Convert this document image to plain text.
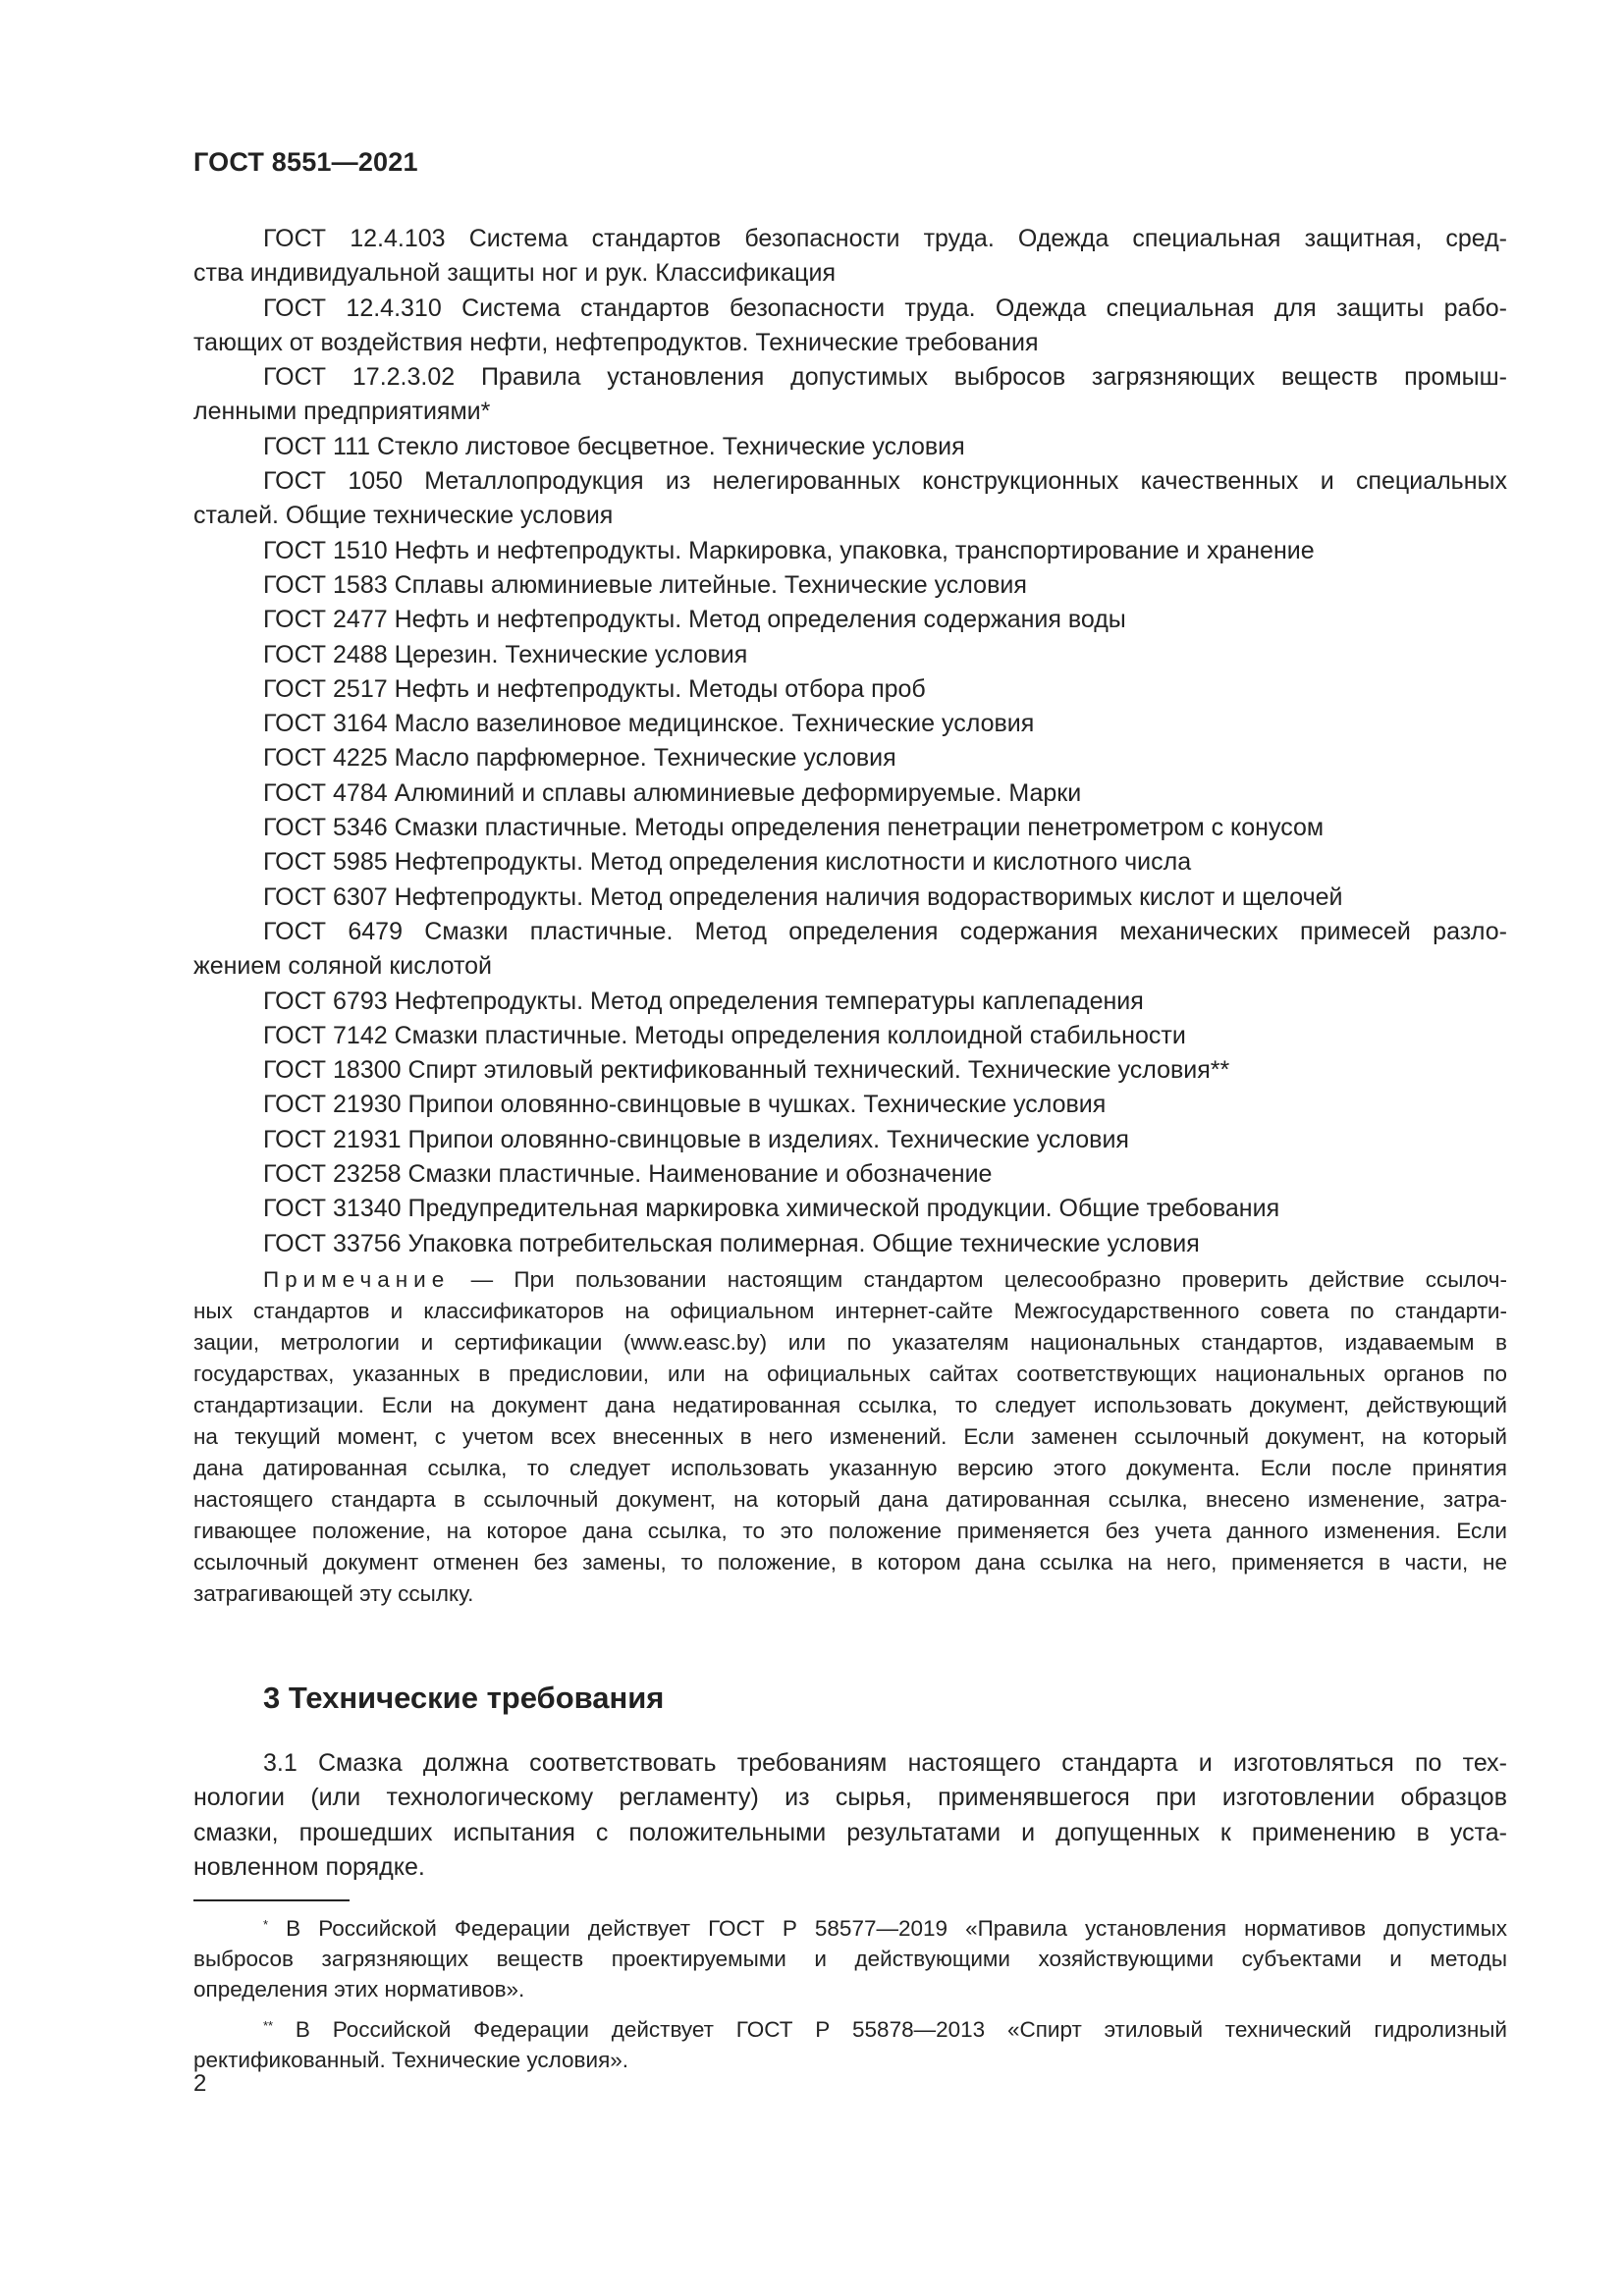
ГОСТ 8551—2021
ГОСТ 12.4.103 Система стандартов безопасности труда. Одежда специальная защитная, сред-
ства индивидуальной защиты ног и рук. Классификация
ГОСТ 12.4.310 Система стандартов безопасности труда. Одежда специальная для защиты рабо-
тающих от воздействия нефти, нефтепродуктов. Технические требования
ГОСТ 17.2.3.02 Правила установления допустимых выбросов загрязняющих веществ промыш-
ленными предприятиями*
ГОСТ 111 Стекло листовое бесцветное. Технические условия
ГОСТ 1050 Металлопродукция из нелегированных конструкционных качественных и специальных
сталей. Общие технические условия
ГОСТ 1510 Нефть и нефтепродукты. Маркировка, упаковка, транспортирование и хранение
ГОСТ 1583 Сплавы алюминиевые литейные. Технические условия
ГОСТ 2477 Нефть и нефтепродукты. Метод определения содержания воды
ГОСТ 2488 Церезин. Технические условия
ГОСТ 2517 Нефть и нефтепродукты. Методы отбора проб
ГОСТ 3164 Масло вазелиновое медицинское. Технические условия
ГОСТ 4225 Масло парфюмерное. Технические условия
ГОСТ 4784 Алюминий и сплавы алюминиевые деформируемые. Марки
ГОСТ 5346 Смазки пластичные. Методы определения пенетрации пенетрометром с конусом
ГОСТ 5985 Нефтепродукты. Метод определения кислотности и кислотного числа
ГОСТ 6307 Нефтепродукты. Метод определения наличия водорастворимых кислот и щелочей
ГОСТ 6479 Смазки пластичные. Метод определения содержания механических примесей разло-
жением соляной кислотой
ГОСТ 6793 Нефтепродукты. Метод определения температуры каплепадения
ГОСТ 7142 Смазки пластичные. Методы определения коллоидной стабильности
ГОСТ 18300 Спирт этиловый ректификованный технический. Технические условия**
ГОСТ 21930 Припои оловянно-свинцовые в чушках. Технические условия
ГОСТ 21931 Припои оловянно-свинцовые в изделиях. Технические условия
ГОСТ 23258 Смазки пластичные. Наименование и обозначение
ГОСТ 31340 Предупредительная маркировка химической продукции. Общие требования
ГОСТ 33756 Упаковка потребительская полимерная. Общие технические условия
Примечание — При пользовании настоящим стандартом целесообразно проверить действие ссылоч-
ных стандартов и классификаторов на официальном интернет-сайте Межгосударственного совета по стандарти-
зации, метрологии и сертификации (www.easc.by) или по указателям национальных стандартов, издаваемым в
государствах, указанных в предисловии, или на официальных сайтах соответствующих национальных органов по
стандартизации. Если на документ дана недатированная ссылка, то следует использовать документ, действующий
на текущий момент, с учетом всех внесенных в него изменений. Если заменен ссылочный документ, на который
дана датированная ссылка, то следует использовать указанную версию этого документа. Если после принятия
настоящего стандарта в ссылочный документ, на который дана датированная ссылка, внесено изменение, затра-
гивающее положение, на которое дана ссылка, то это положение применяется без учета данного изменения. Если
ссылочный документ отменен без замены, то положение, в котором дана ссылка на него, применяется в части, не
затрагивающей эту ссылку.
3 Технические требования
3.1 Смазка должна соответствовать требованиям настоящего стандарта и изготовляться по тех-
нологии (или технологическому регламенту) из сырья, применявшегося при изготовлении образцов
смазки, прошедших испытания с положительными результатами и допущенных к применению в уста-
новленном порядке.
* В Российской Федерации действует ГОСТ Р 58577—2019 «Правила установления нормативов допустимых
выбросов загрязняющих веществ проектируемыми и действующими хозяйствующими субъектами и методы
определения этих нормативов».
** В Российской Федерации действует ГОСТ Р 55878—2013 «Спирт этиловый технический гидролизный
ректификованный. Технические условия».
2
